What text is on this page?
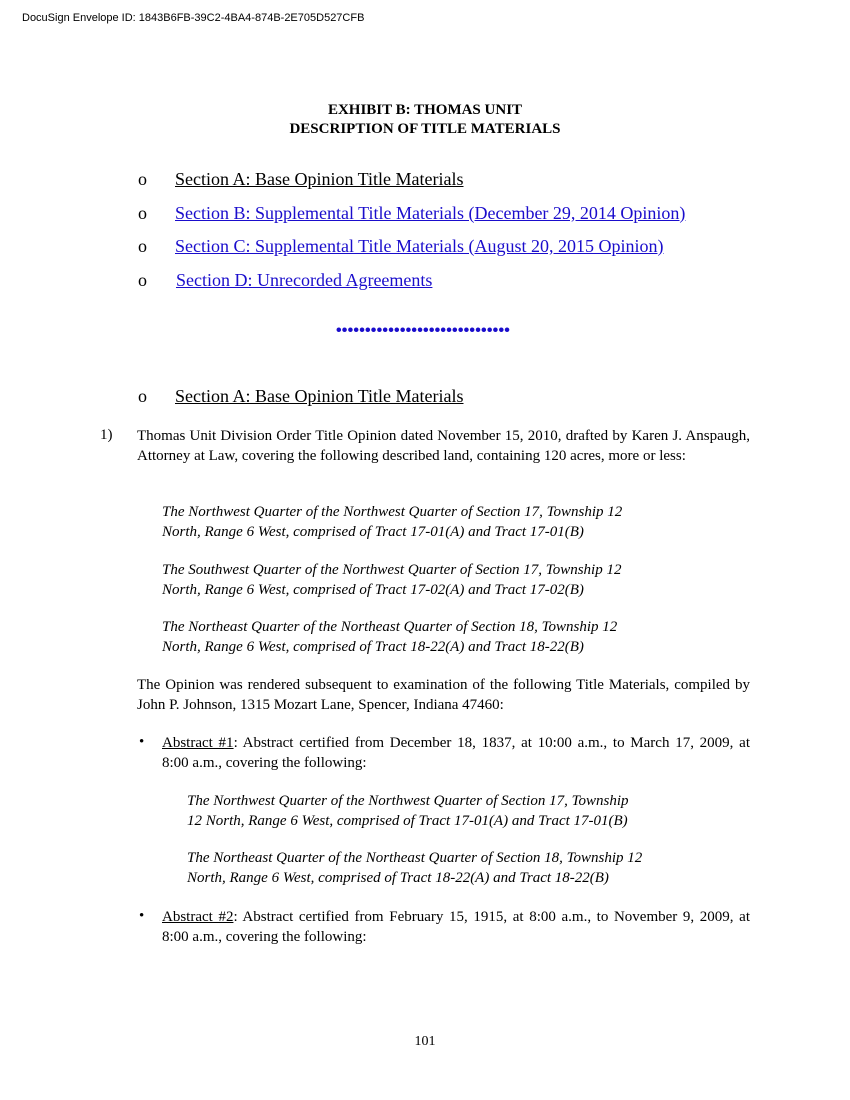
DocuSign Envelope ID: 1843B6FB-39C2-4BA4-874B-2E705D527CFB
EXHIBIT B: THOMAS UNIT
DESCRIPTION OF TITLE MATERIALS
o Section A: Base Opinion Title Materials
o Section B: Supplemental Title Materials (December 29, 2014 Opinion)
o Section C: Supplemental Title Materials (August 20, 2015 Opinion)
o Section D: Unrecorded Agreements
••••••••••••••••••••••••••••••
o Section A: Base Opinion Title Materials
1) Thomas Unit Division Order Title Opinion dated November 15, 2010, drafted by Karen J. Anspaugh, Attorney at Law, covering the following described land, containing 120 acres, more or less:
The Northwest Quarter of the Northwest Quarter of Section 17, Township 12
North, Range 6 West, comprised of Tract 17-01(A) and Tract 17-01(B)
The Southwest Quarter of the Northwest Quarter of Section 17, Township 12
North, Range 6 West, comprised of Tract 17-02(A) and Tract 17-02(B)
The Northeast Quarter of the Northeast Quarter of Section 18, Township 12
North, Range 6 West, comprised of Tract 18-22(A) and Tract 18-22(B)
The Opinion was rendered subsequent to examination of the following Title Materials, compiled by John P. Johnson, 1315 Mozart Lane, Spencer, Indiana 47460:
• Abstract #1: Abstract certified from December 18, 1837, at 10:00 a.m., to March 17, 2009, at 8:00 a.m., covering the following:
The Northwest Quarter of the Northwest Quarter of Section 17, Township
12 North, Range 6 West, comprised of Tract 17-01(A) and Tract 17-01(B)
The Northeast Quarter of the Northeast Quarter of Section 18, Township 12
North, Range 6 West, comprised of Tract 18-22(A) and Tract 18-22(B)
• Abstract #2: Abstract certified from February 15, 1915, at 8:00 a.m., to November 9, 2009, at 8:00 a.m., covering the following:
101
